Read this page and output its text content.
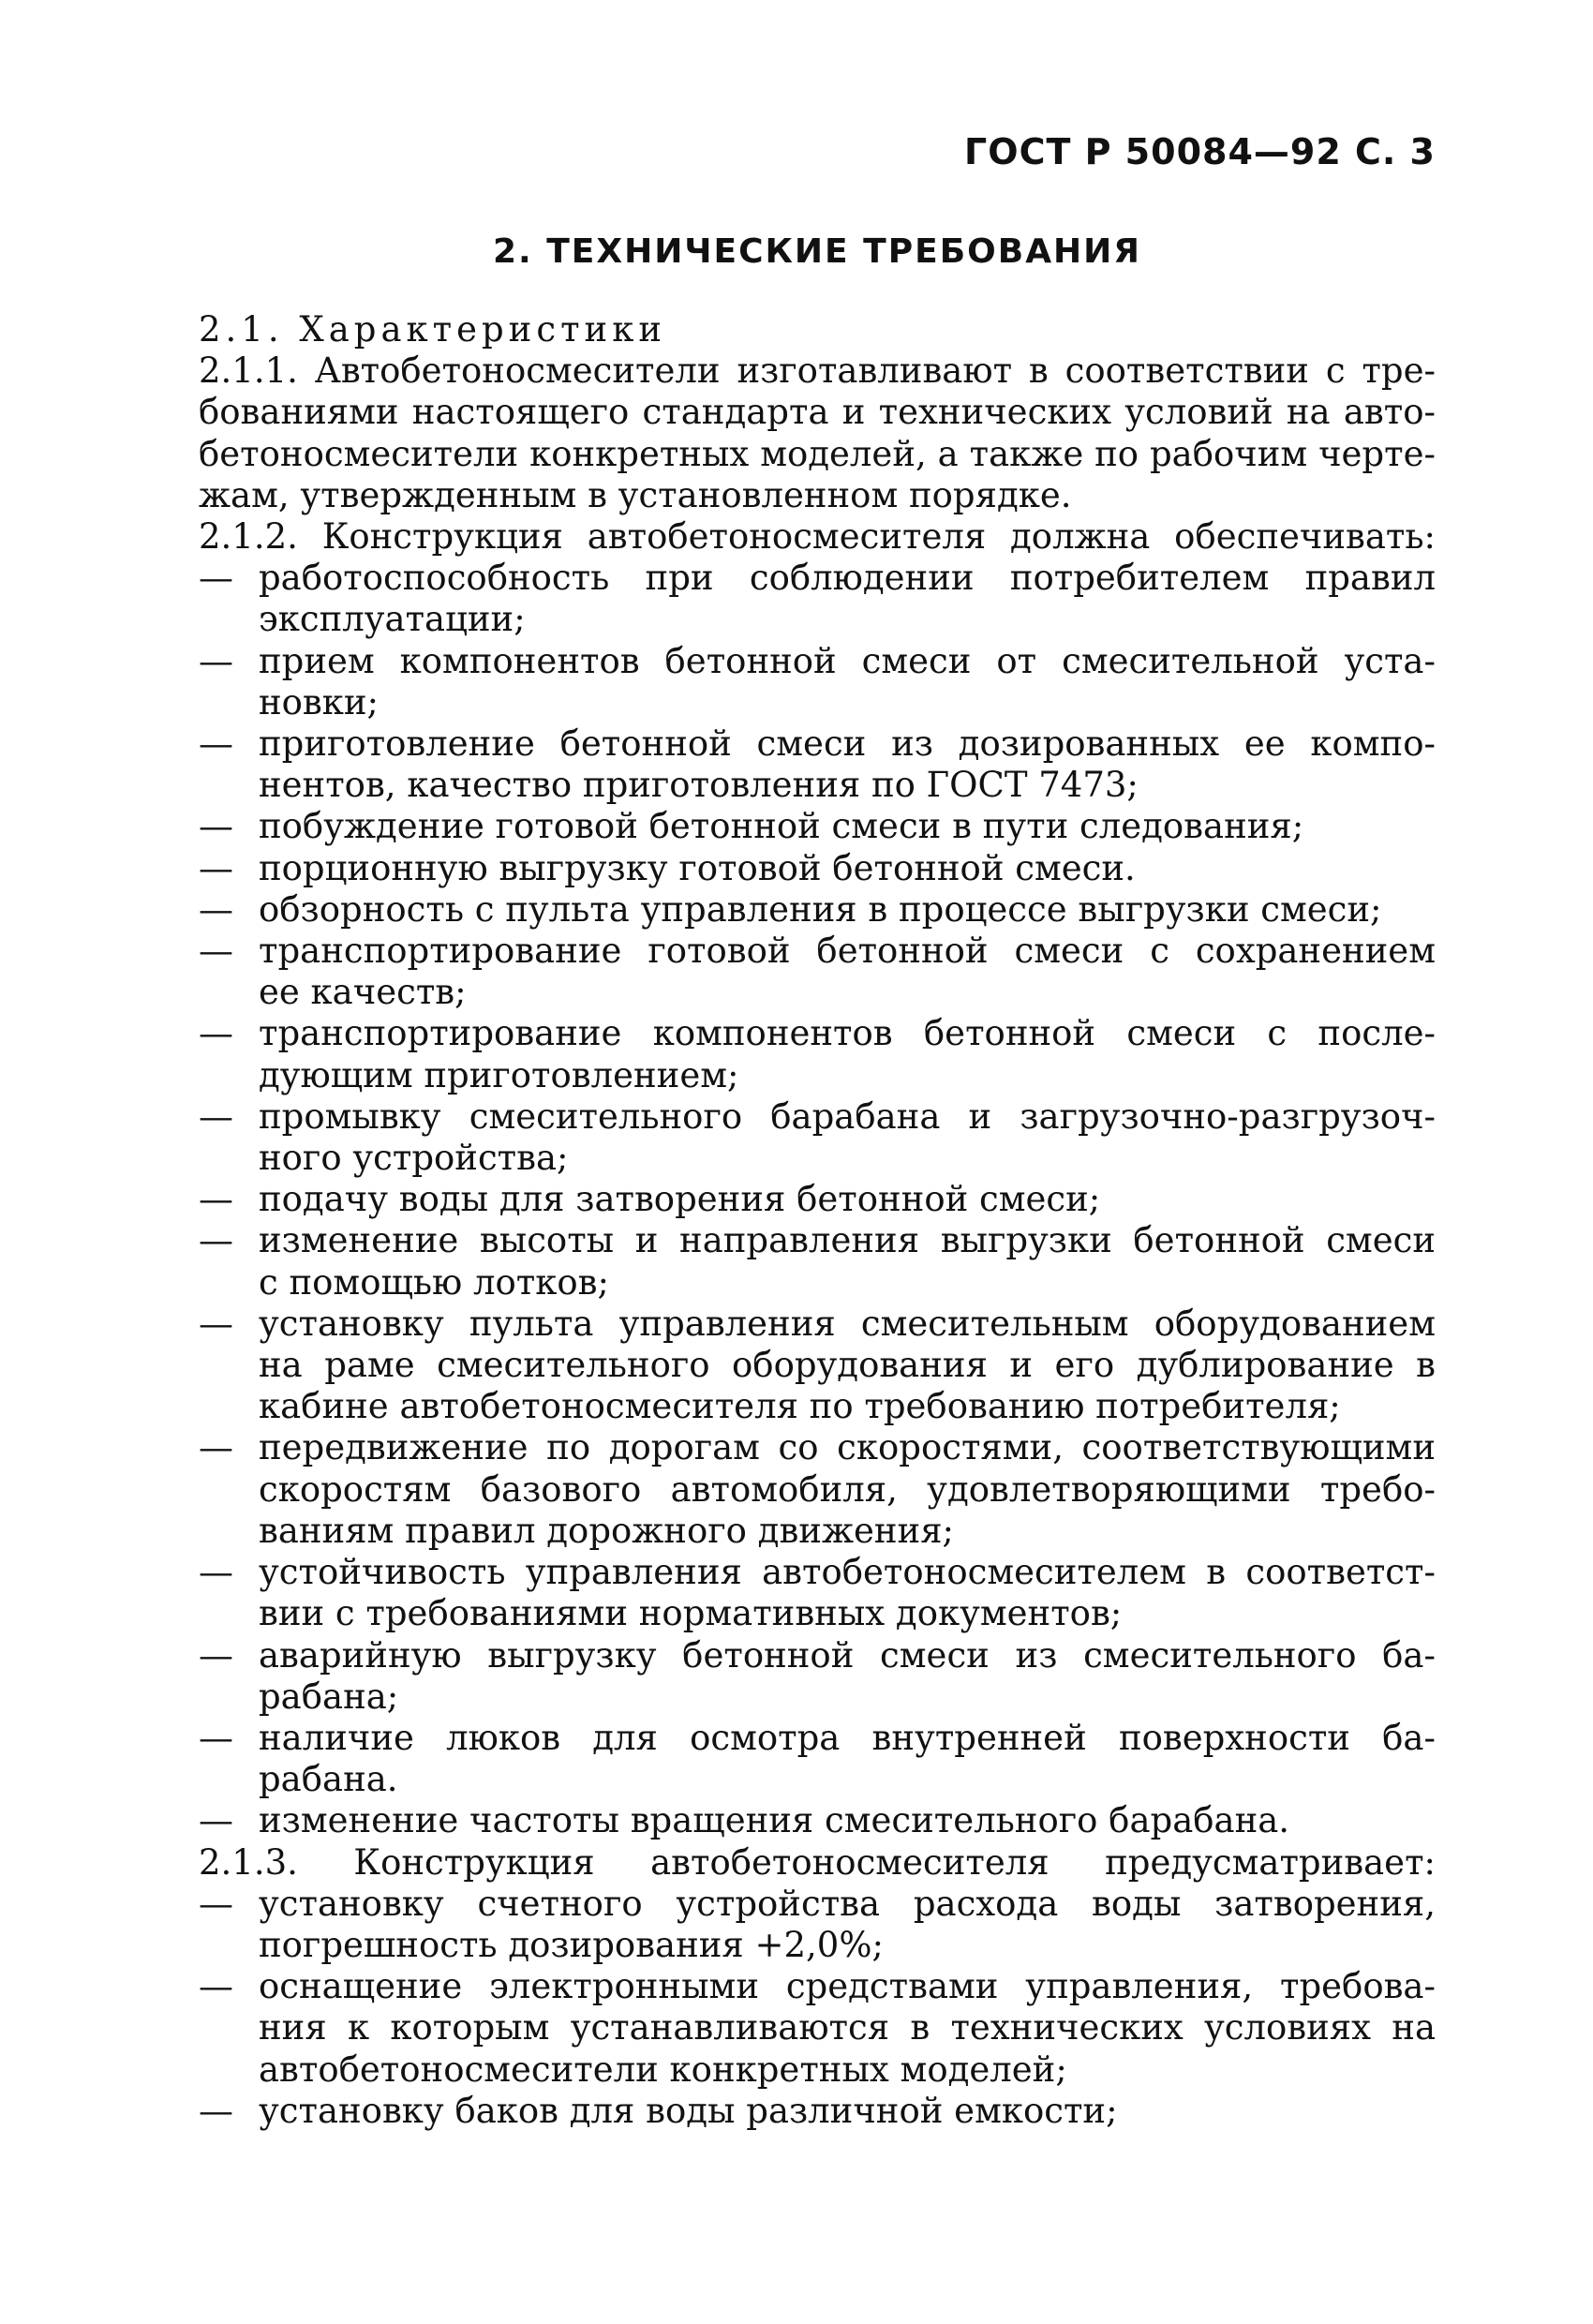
ГОСТ Р 50084—92 С. 3
2. ТЕХНИЧЕСКИЕ ТРЕБОВАНИЯ
2.1. Характеристики
2.1.1. Автобетоносмесители изготавливают в соответствии с тре-
бованиями настоящего стандарта и технических условий на авто-
бетоносмесители конкретных моделей, а также по рабочим черте-
жам, утвержденным в установленном порядке.
2.1.2. Конструкция автобетоносмесителя должна обеспечивать:
— работоспособность при соблюдении потребителем правил
эксплуатации;
— прием компонентов бетонной смеси от смесительной уста-
новки;
— приготовление бетонной смеси из дозированных ее компо-
нентов, качество приготовления по ГОСТ 7473;
— побуждение готовой бетонной смеси в пути следования;
— порционную выгрузку готовой бетонной смеси.
— обзорность с пульта управления в процессе выгрузки смеси;
— транспортирование готовой бетонной смеси с сохранением
ее качеств;
— транспортирование компонентов бетонной смеси с после-
дующим приготовлением;
— промывку смесительного барабана и загрузочно-разгрузоч-
ного устройства;
— подачу воды для затворения бетонной смеси;
— изменение высоты и направления выгрузки бетонной смеси
с помощью лотков;
— установку пульта управления смесительным оборудованием
на раме смесительного оборудования и его дублирование в
кабине автобетоносмесителя по требованию потребителя;
— передвижение по дорогам со скоростями, соответствующими
скоростям базового автомобиля, удовлетворяющими требо-
ваниям правил дорожного движения;
— устойчивость управления автобетоносмесителем в соответст-
вии с требованиями нормативных документов;
— аварийную выгрузку бетонной смеси из смесительного ба-
рабана;
— наличие люков для осмотра внутренней поверхности ба-
рабана.
— изменение частоты вращения смесительного барабана.
2.1.3. Конструкция автобетоносмесителя предусматривает:
— установку счетного устройства расхода воды затворения,
погрешность дозирования +2,0%;
— оснащение электронными средствами управления, требова-
ния к которым устанавливаются в технических условиях на
автобетоносмесители конкретных моделей;
— установку баков для воды различной емкости;
